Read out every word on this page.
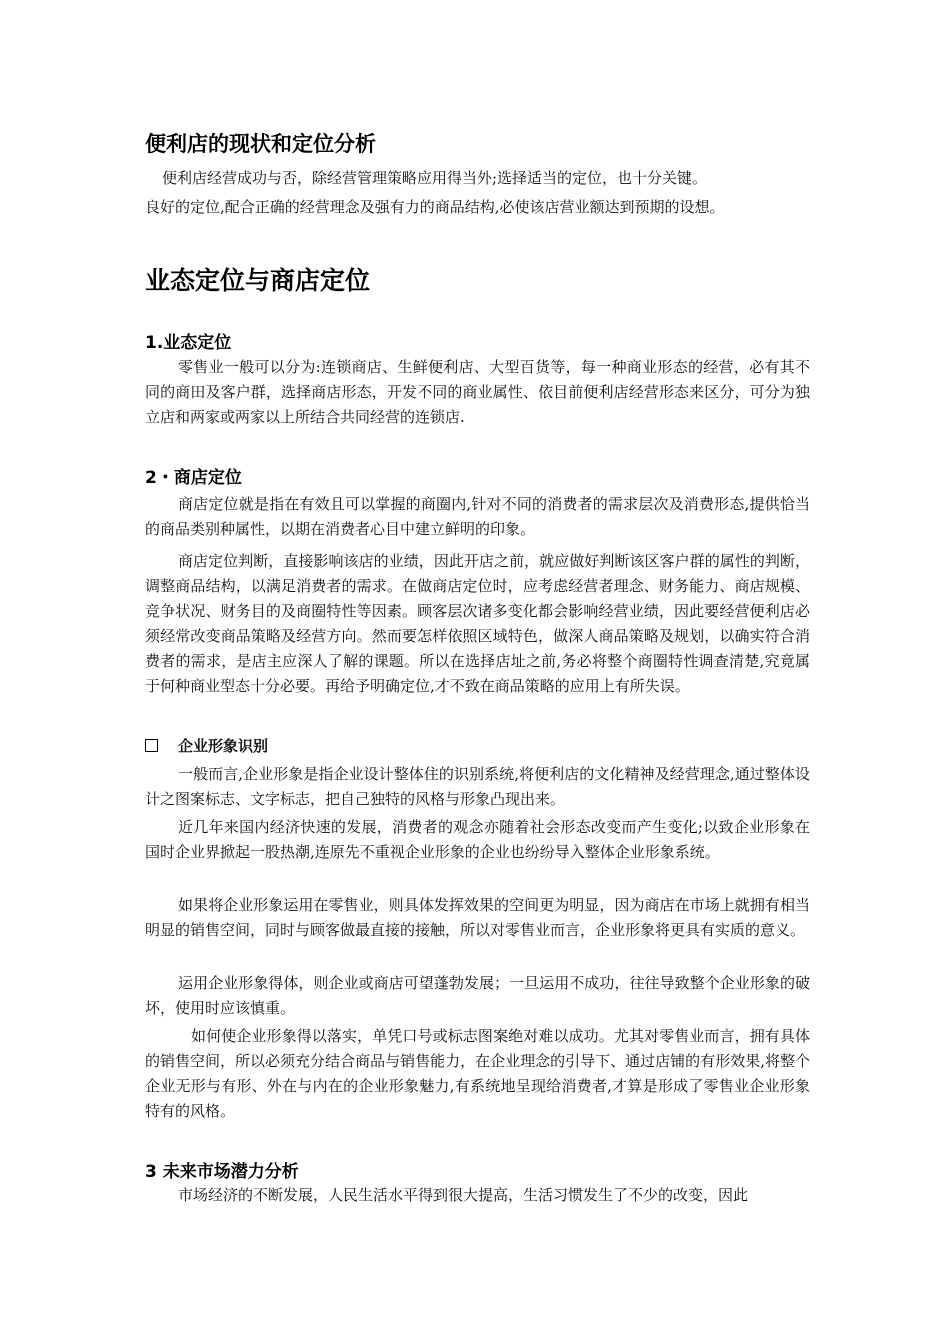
便利店的现状和定位分析

便利店经营成功与否，除经营管理策略应用得当外;选择适当的定位，也十分关键。

良好的定位,配合正确的经营理念及强有力的商品结构,必使该店营业额达到预期的设想。

业态定位与商店定位
1.业态定位

零售业一般可以分为:连锁商店、生鲜便利店、大型百货等，每一种商业形态的经营，必有其不同的商田及客户群，选择商店形态，开发不同的商业属性、依目前便利店经营形态来区分，可分为独立店和两家或两家以上所结合共同经营的连锁店.

2・商店定位

商店定位就是指在有效且可以掌握的商圈内,针对不同的消费者的需求层次及消费形态,提供恰当的商品类别种属性，以期在消费者心目中建立鲜明的印象。

商店定位判断，直接影响该店的业绩，因此开店之前，就应做好判断该区客户群的属性的判断，调整商品结构，以满足消费者的需求。在做商店定位时，应考虑经营者理念、财务能力、商店规模、竞争状况、财务目的及商圈特性等因素。顾客层次诸多变化都会影响经营业绩，因此要经营便利店必须经常改变商品策略及经营方向。然而要怎样依照区域特色，做深人商品策略及规划，以确实符合消费者的需求，是店主应深人了解的课题。所以在选择店址之前,务必将整个商圈特性调查清楚,究竟属于何种商业型态十分必要。再给予明确定位,才不致在商品策略的应用上有所失误。

企业形象识别

一般而言,企业形象是指企业设计整体住的识别系统,将便利店的文化精神及经营理念,通过整体设计之图案标志、文字标志，把自己独特的风格与形象凸现出来。

近几年来国内经济快速的发展，消费者的观念亦随着社会形态改变而产生变化;以致企业形象在国时企业界掀起一股热潮,连原先不重视企业形象的企业也纷纷导入整体企业形象系统。

如果将企业形象运用在零售业，则具体发挥效果的空间更为明显，因为商店在市场上就拥有相当明显的销售空间，同时与顾客做最直接的接触，所以对零售业而言，企业形象将更具有实质的意义。

运用企业形象得体，则企业或商店可望蓬勃发展；一旦运用不成功，往往导致整个企业形象的破坏，使用时应该慎重。

如何使企业形象得以落实，单凭口号或标志图案绝对难以成功。尤其对零售业而言，拥有具体的销售空间，所以必须充分结合商品与销售能力，在企业理念的引导下、通过店铺的有形效果,将整个企业无形与有形、外在与内在的企业形象魅力,有系统地呈现给消费者,才算是形成了零售业企业形象特有的风格。

3 未来市场潜力分析

市场经济的不断发展，人民生活水平得到很大提高，生活习惯发生了不少的改变，因此
